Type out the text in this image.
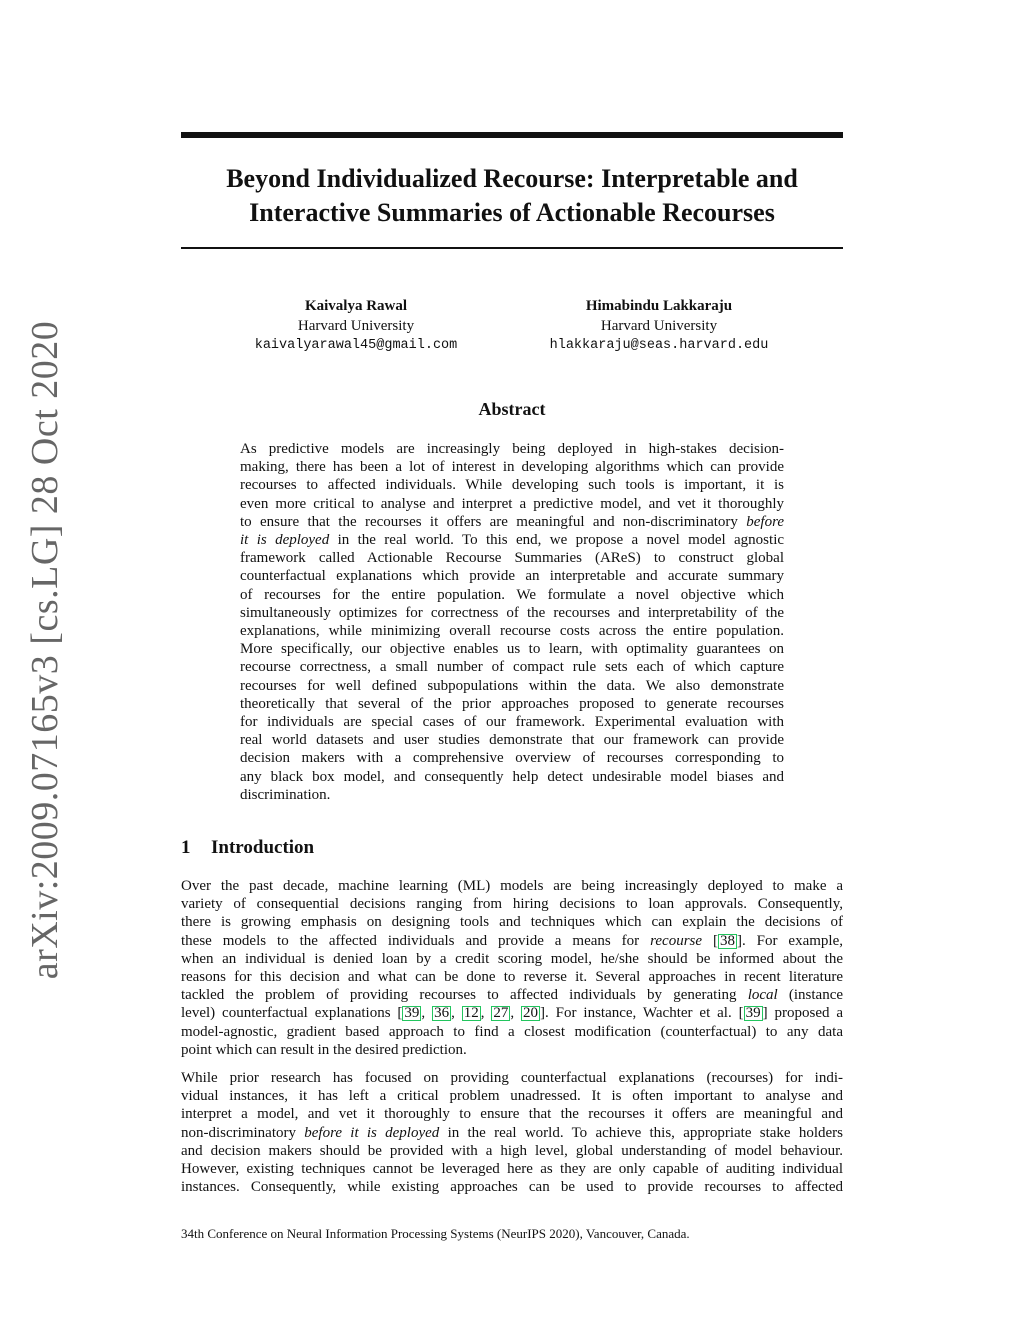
arXiv:2009.07165v3 [cs.LG] 28 Oct 2020
Beyond Individualized Recourse: Interpretable and
Interactive Summaries of Actionable Recourses
Kaivalya Rawal
Harvard University
kaivalyarawal45@gmail.com
Himabindu Lakkaraju
Harvard University
hlakkaraju@seas.harvard.edu
Abstract
As predictive models are increasingly being deployed in high-stakes decision-
making, there has been a lot of interest in developing algorithms which can provide
recourses to affected individuals. While developing such tools is important, it is
even more critical to analyse and interpret a predictive model, and vet it thoroughly
to ensure that the recourses it offers are meaningful and non-discriminatory before
it is deployed in the real world. To this end, we propose a novel model agnostic
framework called Actionable Recourse Summaries (AReS) to construct global
counterfactual explanations which provide an interpretable and accurate summary
of recourses for the entire population. We formulate a novel objective which
simultaneously optimizes for correctness of the recourses and interpretability of the
explanations, while minimizing overall recourse costs across the entire population.
More specifically, our objective enables us to learn, with optimality guarantees on
recourse correctness, a small number of compact rule sets each of which capture
recourses for well defined subpopulations within the data. We also demonstrate
theoretically that several of the prior approaches proposed to generate recourses
for individuals are special cases of our framework. Experimental evaluation with
real world datasets and user studies demonstrate that our framework can provide
decision makers with a comprehensive overview of recourses corresponding to
any black box model, and consequently help detect undesirable model biases and
discrimination.
1 Introduction
Over the past decade, machine learning (ML) models are being increasingly deployed to make a
variety of consequential decisions ranging from hiring decisions to loan approvals. Consequently,
there is growing emphasis on designing tools and techniques which can explain the decisions of
these models to the affected individuals and provide a means for recourse [ 38 ]. For example,
when an individual is denied loan by a credit scoring model, he/she should be informed about the
reasons for this decision and what can be done to reverse it. Several approaches in recent literature
tackled the problem of providing recourses to affected individuals by generating local (instance
level) counterfactual explanations [ 39 , 36 , 12 , 27 , 20 ]. For instance, Wachter et al. [ 39 ] proposed a
model-agnostic, gradient based approach to find a closest modification (counterfactual) to any data
point which can result in the desired prediction.
While prior research has focused on providing counterfactual explanations (recourses) for indi-
vidual instances, it has left a critical problem unadressed. It is often important to analyse and
interpret a model, and vet it thoroughly to ensure that the recourses it offers are meaningful and
non-discriminatory before it is deployed in the real world. To achieve this, appropriate stake holders
and decision makers should be provided with a high level, global understanding of model behaviour.
However, existing techniques cannot be leveraged here as they are only capable of auditing individual
instances. Consequently, while existing approaches can be used to provide recourses to affected
34th Conference on Neural Information Processing Systems (NeurIPS 2020), Vancouver, Canada.
